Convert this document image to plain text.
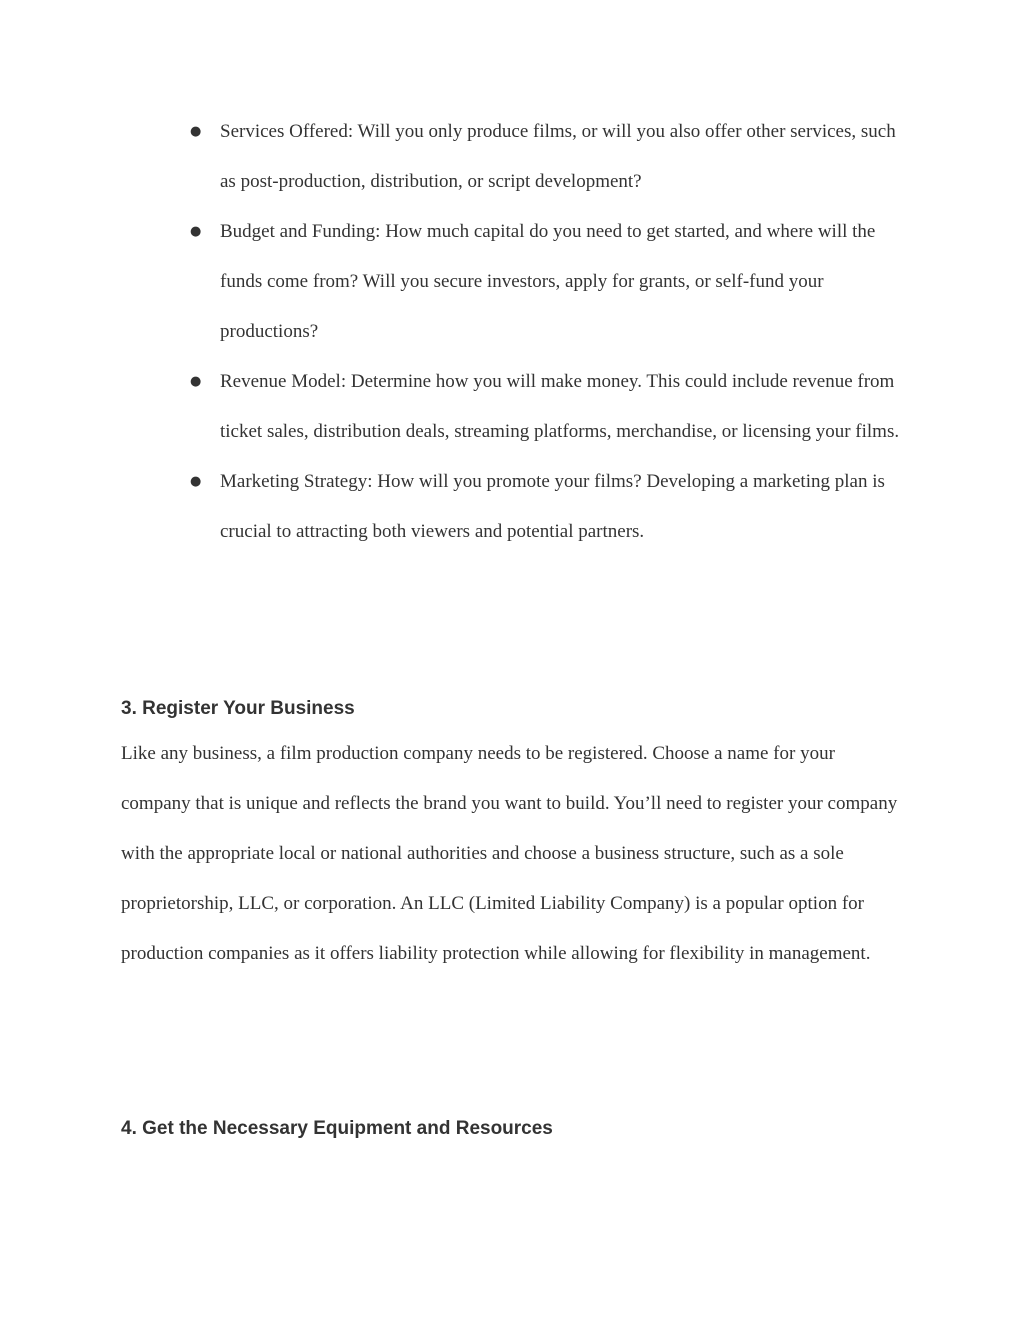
● Services Offered: Will you only produce films, or will you also offer other services, such as post-production, distribution, or script development?
● Budget and Funding: How much capital do you need to get started, and where will the funds come from? Will you secure investors, apply for grants, or self-fund your productions?
● Revenue Model: Determine how you will make money. This could include revenue from ticket sales, distribution deals, streaming platforms, merchandise, or licensing your films.
● Marketing Strategy: How will you promote your films? Developing a marketing plan is crucial to attracting both viewers and potential partners.
3. Register Your Business

Like any business, a film production company needs to be registered. Choose a name for your company that is unique and reflects the brand you want to build. You’ll need to register your company with the appropriate local or national authorities and choose a business structure, such as a sole proprietorship, LLC, or corporation. An LLC (Limited Liability Company) is a popular option for production companies as it offers liability protection while allowing for flexibility in management.

4. Get the Necessary Equipment and Resources
